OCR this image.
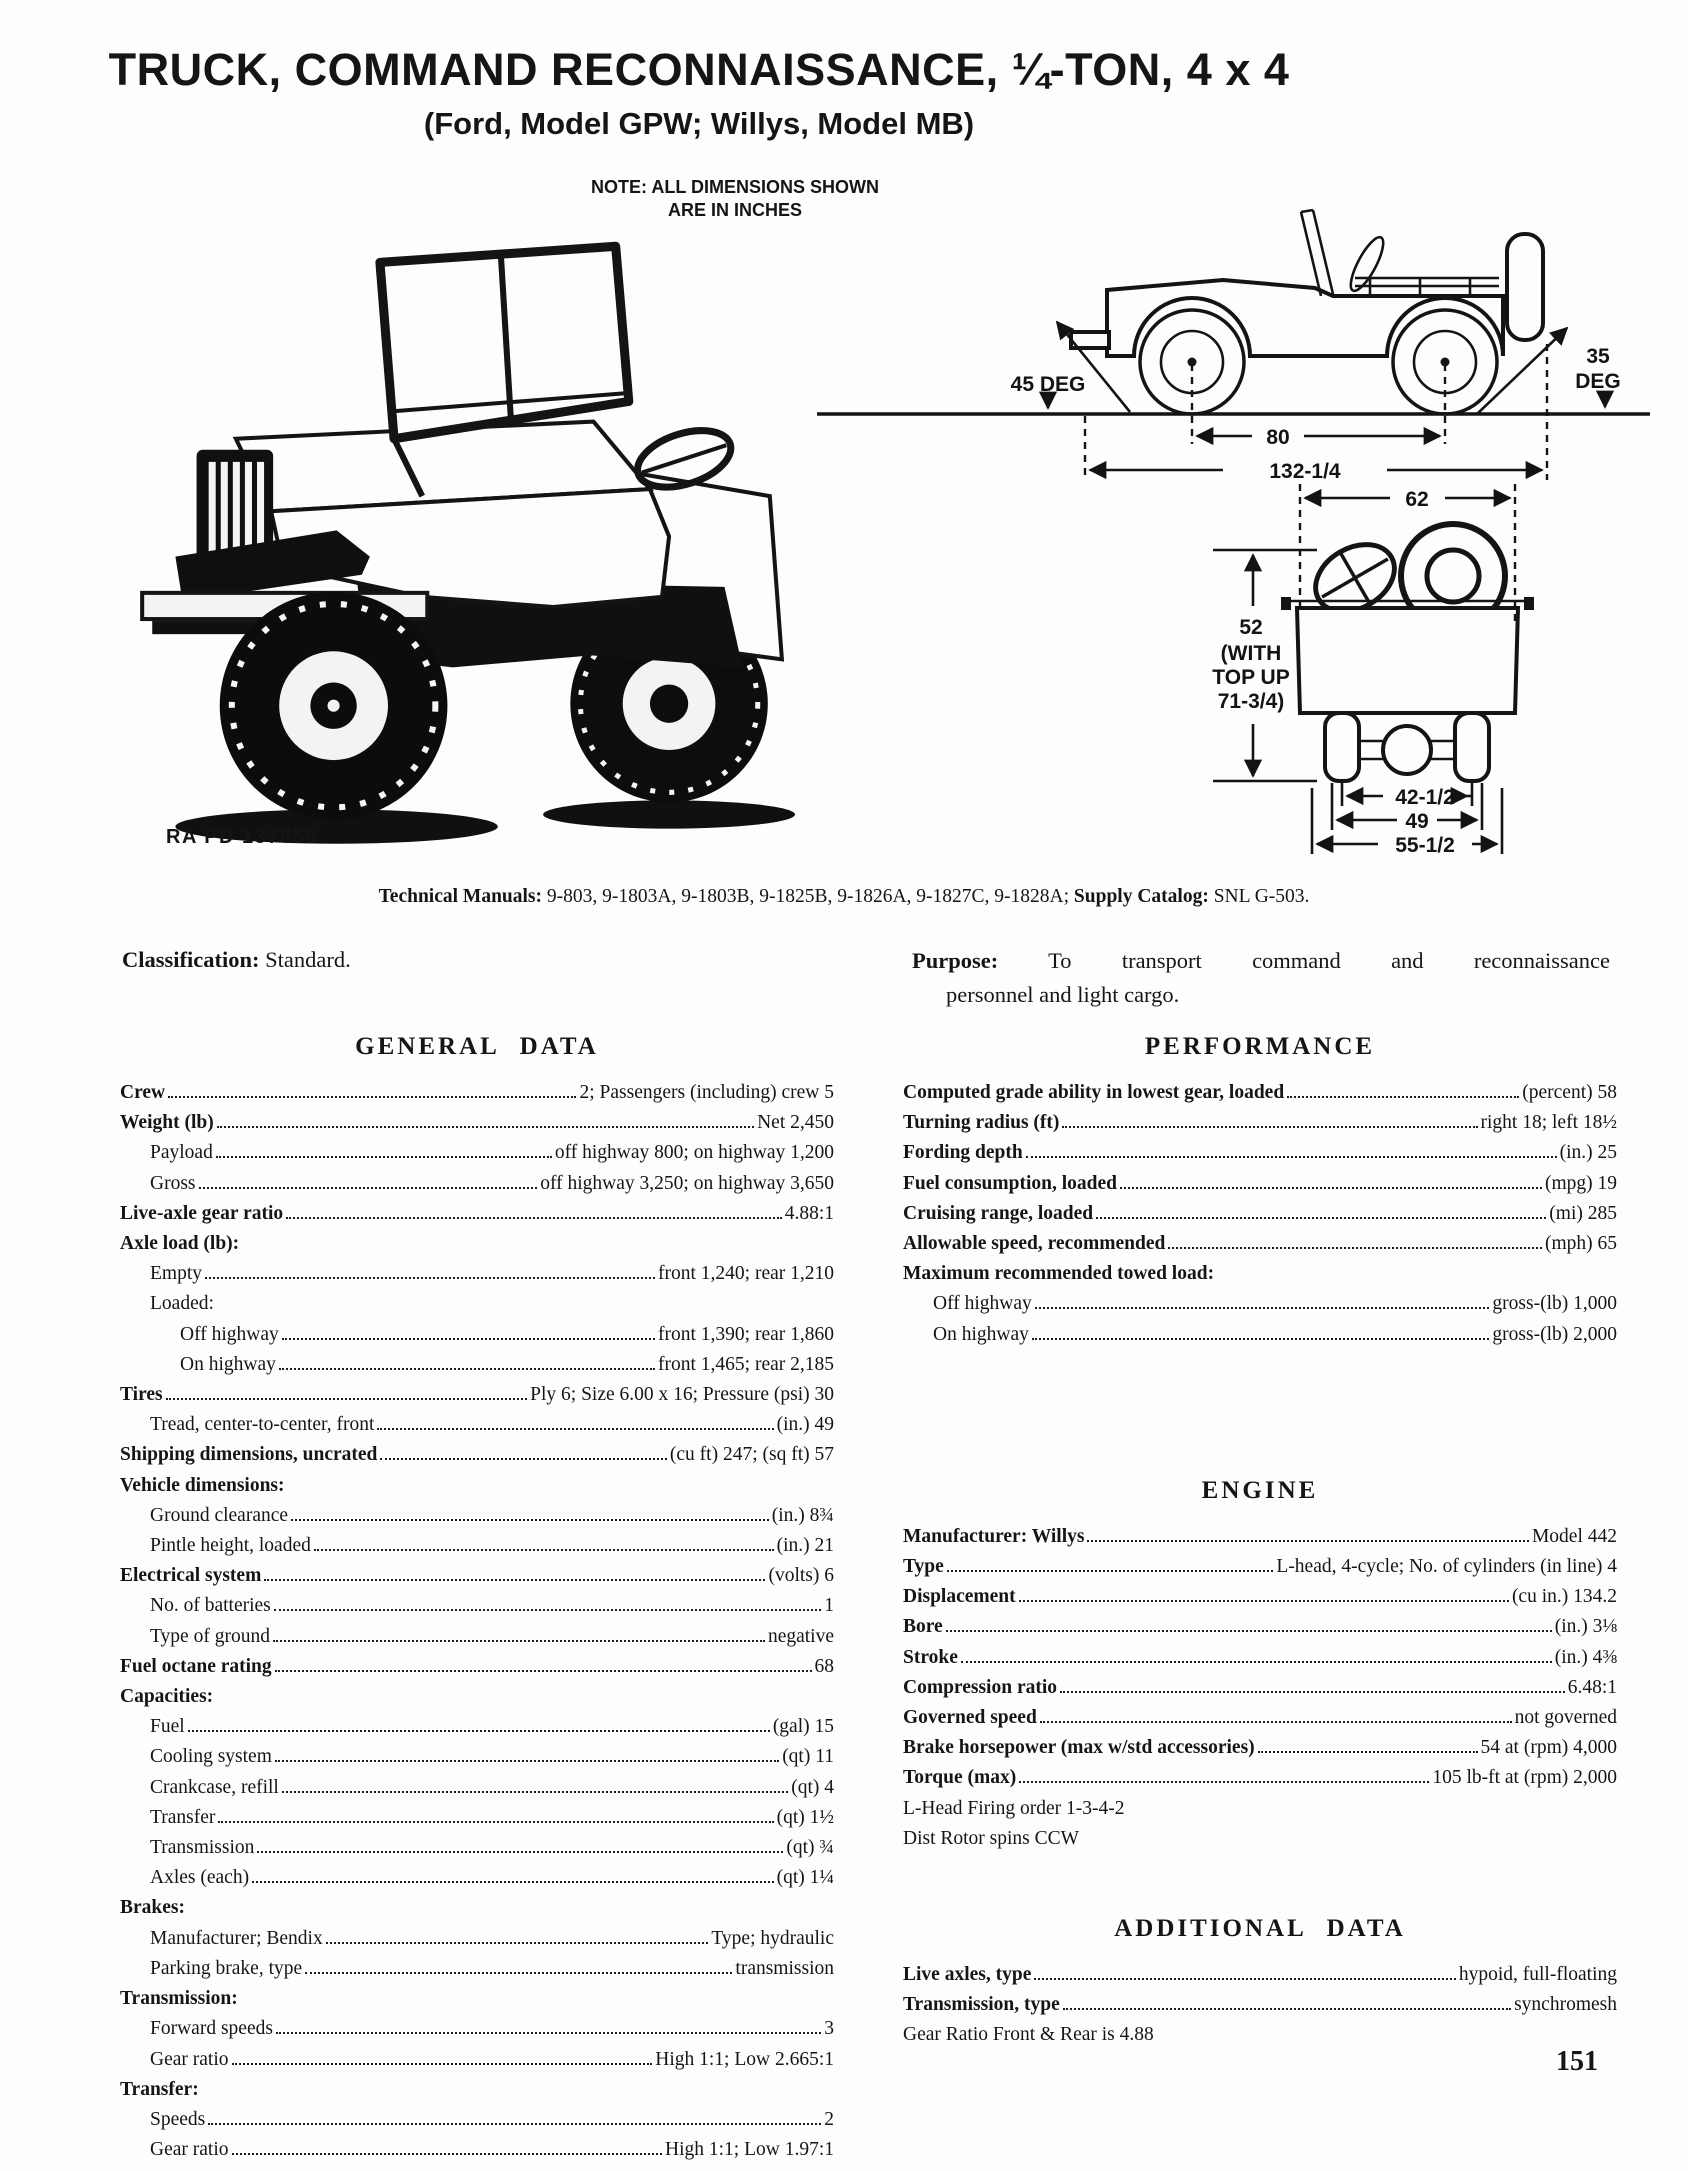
TRUCK, COMMAND RECONNAISSANCE, ¼-TON, 4 x 4
(Ford, Model GPW; Willys, Model MB)
NOTE: ALL DIMENSIONS SHOWN
ARE IN INCHES
RA PD 137858
45 DEG
35
DEG
80
132-1/4
62
52
(WITH
TOP UP
71-3/4)
42-1/2
49
55-1/2
Technical Manuals: 9-803, 9-1803A, 9-1803B, 9-1825B, 9-1826A, 9-1827C, 9-1828A; Supply Catalog: SNL G-503.
Classification: Standard.	Purpose: To transport command and reconnaissance
personnel and light cargo.
GENERAL DATA
Crew	2; Passengers (including) crew 5
Weight (lb)	Net 2,450
Payload	off highway 800; on highway 1,200
Gross	off highway 3,250; on highway 3,650
Live-axle gear ratio	4.88:1
Axle load (lb):
Empty	front 1,240; rear 1,210
Loaded:
Off highway	front 1,390; rear 1,860
On highway	front 1,465; rear 2,185
Tires	Ply 6; Size 6.00 x 16; Pressure (psi) 30
Tread, center-to-center, front	(in.) 49
Shipping dimensions, uncrated	(cu ft) 247; (sq ft) 57
Vehicle dimensions:
Ground clearance	(in.) 8¾
Pintle height, loaded	(in.) 21
Electrical system	(volts) 6
No. of batteries	1
Type of ground	negative
Fuel octane rating	68
Capacities:
Fuel	(gal) 15
Cooling system	(qt) 11
Crankcase, refill	(qt) 4
Transfer	(qt) 1½
Transmission	(qt) ¾
Axles (each)	(qt) 1¼
Brakes:
Manufacturer; Bendix	Type; hydraulic
Parking brake, type	transmission
Transmission:
Forward speeds	3
Gear ratio	High 1:1; Low 2.665:1
Transfer:
Speeds	2
Gear ratio	High 1:1; Low 1.97:1
PERFORMANCE
Computed grade ability in lowest gear, loaded	(percent) 58
Turning radius (ft)	right 18; left 18½
Fording depth	(in.) 25
Fuel consumption, loaded	(mpg) 19
Cruising range, loaded	(mi) 285
Allowable speed, recommended	(mph) 65
Maximum recommended towed load:
Off highway	gross-(lb) 1,000
On highway	gross-(lb) 2,000
ENGINE
Manufacturer: Willys	Model 442
Type	L-head, 4-cycle; No. of cylinders (in line) 4
Displacement	(cu in.) 134.2
Bore	(in.) 3⅛
Stroke	(in.) 4⅜
Compression ratio	6.48:1
Governed speed	not governed
Brake horsepower (max w/std accessories)	54 at (rpm) 4,000
Torque (max)	105 lb-ft at (rpm) 2,000
L-Head Firing order 1-3-4-2
Dist Rotor spins CCW
ADDITIONAL DATA
Live axles, type	hypoid, full-floating
Transmission, type	synchromesh
Gear Ratio Front & Rear is 4.88
151
